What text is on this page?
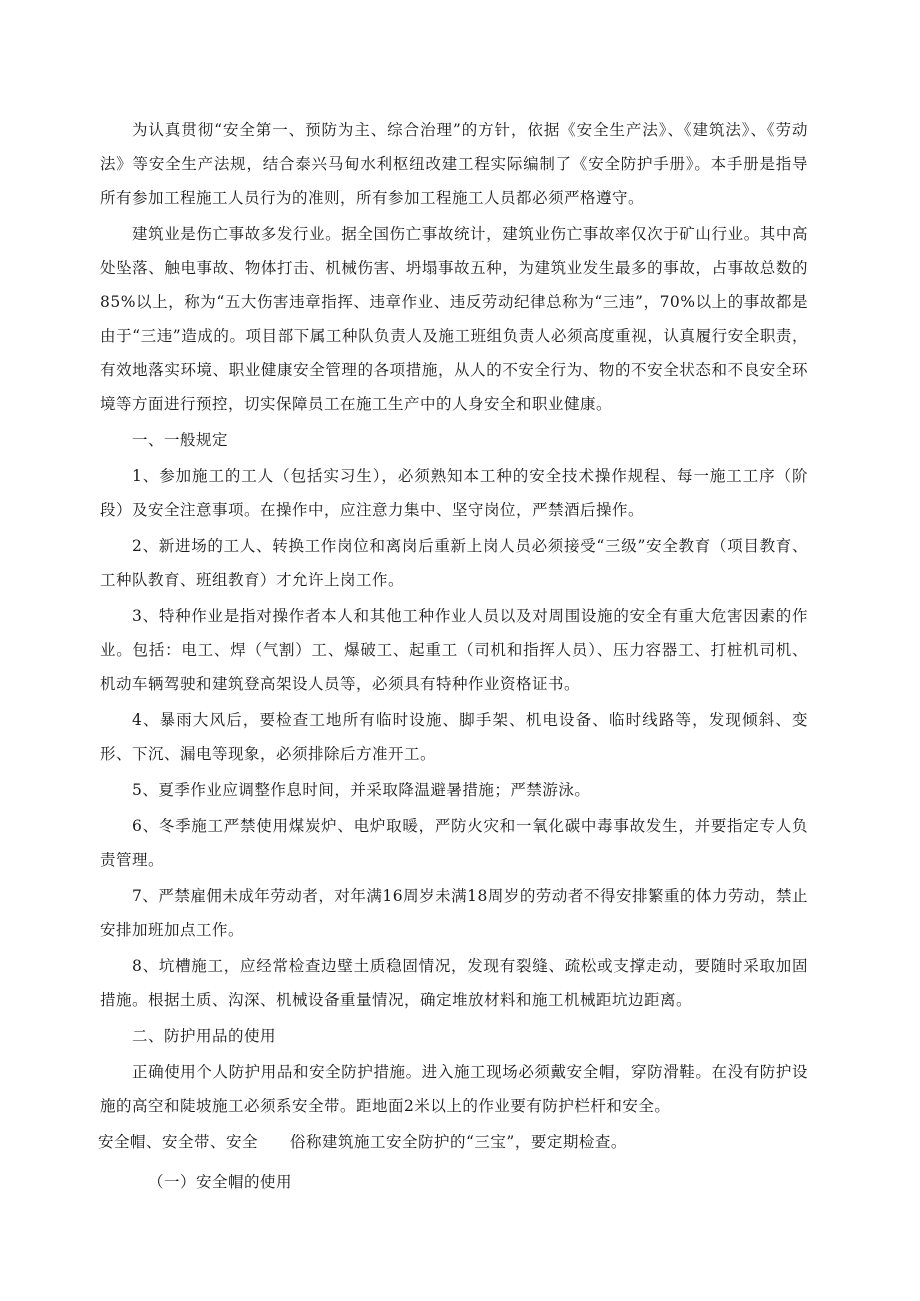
为认真贯彻“安全第一、预防为主、综合治理”的方针，依据《安全生产法》、《建筑法》、《劳动法》等安全生产法规，结合泰兴马甸水利枢纽改建工程实际编制了《安全防护手册》。本手册是指导所有参加工程施工人员行为的准则，所有参加工程施工人员都必须严格遵守。

建筑业是伤亡事故多发行业。据全国伤亡事故统计，建筑业伤亡事故率仅次于矿山行业。其中高处坠落、触电事故、物体打击、机械伤害、坍塌事故五种，为建筑业发生最多的事故，占事故总数的85%以上，称为“五大伤害违章指挥、违章作业、违反劳动纪律总称为“三违”，70%以上的事故都是由于“三违”造成的。项目部下属工种队负责人及施工班组负责人必须高度重视，认真履行安全职责，有效地落实环境、职业健康安全管理的各项措施，从人的不安全行为、物的不安全状态和不良安全环境等方面进行预控，切实保障员工在施工生产中的人身安全和职业健康。

一、一般规定

1、参加施工的工人（包括实习生），必须熟知本工种的安全技术操作规程、每一施工工序（阶段）及安全注意事项。在操作中，应注意力集中、坚守岗位，严禁酒后操作。

2、新进场的工人、转换工作岗位和离岗后重新上岗人员必须接受“三级”安全教育（项目教育、工种队教育、班组教育）才允许上岗工作。

3、特种作业是指对操作者本人和其他工种作业人员以及对周围设施的安全有重大危害因素的作业。包括：电工、焊（气割）工、爆破工、起重工（司机和指挥人员）、压力容器工、打桩机司机、机动车辆驾驶和建筑登高架设人员等，必须具有特种作业资格证书。

4、暴雨大风后，要检查工地所有临时设施、脚手架、机电设备、临时线路等，发现倾斜、变形、下沉、漏电等现象，必须排除后方准开工。

5、夏季作业应调整作息时间，并采取降温避暑措施；严禁游泳。

6、冬季施工严禁使用煤炭炉、电炉取暖，严防火灾和一氧化碳中毒事故发生，并要指定专人负责管理。

7、严禁雇佣未成年劳动者，对年满16周岁未满18周岁的劳动者不得安排繁重的体力劳动，禁止安排加班加点工作。

8、坑槽施工，应经常检查边壁土质稳固情况，发现有裂缝、疏松或支撑走动，要随时采取加固措施。根据土质、沟深、机械设备重量情况，确定堆放材料和施工机械距坑边距离。

二、防护用品的使用

正确使用个人防护用品和安全防护措施。进入施工现场必须戴安全帽，穿防滑鞋。在没有防护设施的高空和陡坡施工必须系安全带。距地面2米以上的作业要有防护栏杆和安全。

安全帽、安全带、安全　　俗称建筑施工安全防护的“三宝”，要定期检查。

（一）安全帽的使用
